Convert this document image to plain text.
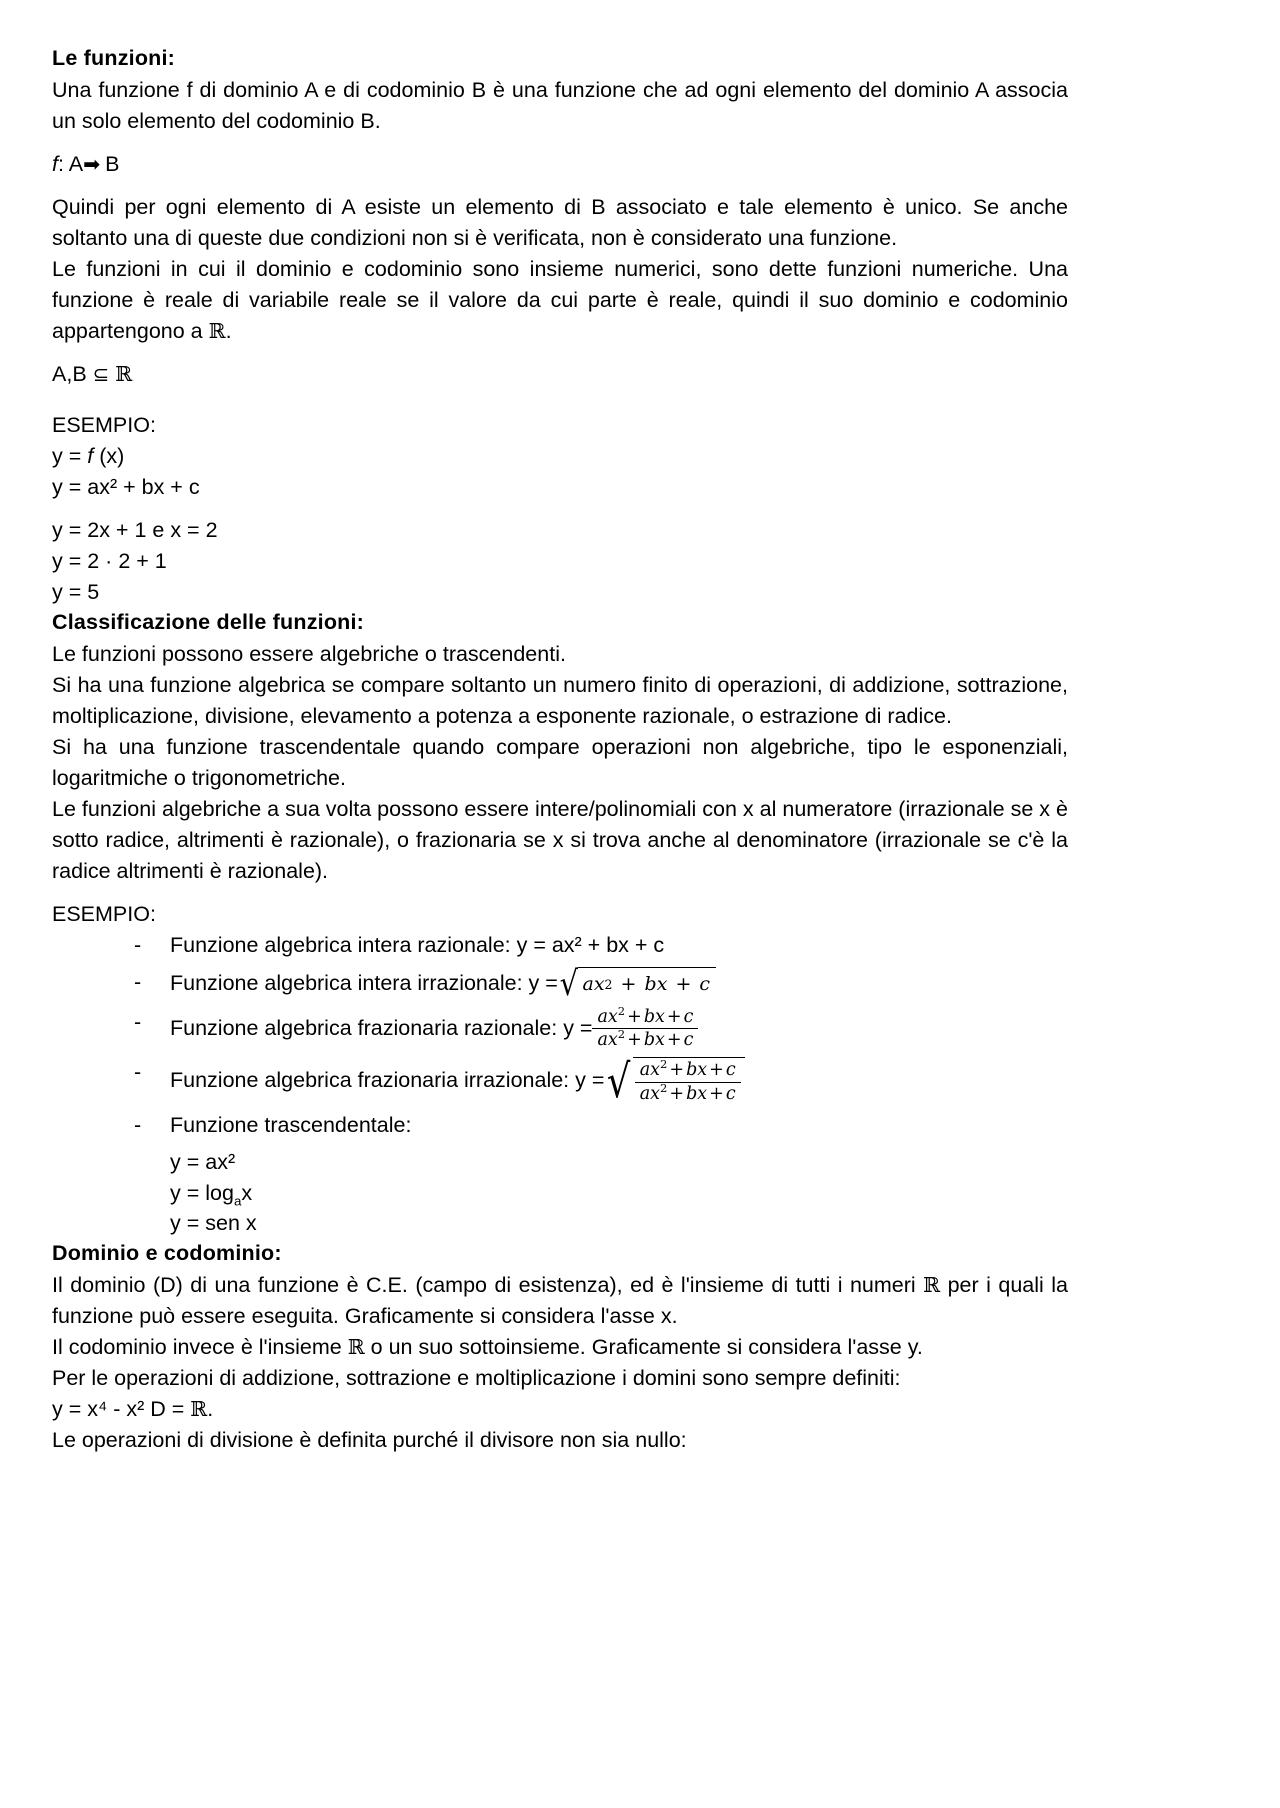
Le funzioni:

Una funzione f di dominio A e di codominio B è una funzione che ad ogni elemento del dominio A associa un solo elemento del codominio B.

f: A➡ B

Quindi per ogni elemento di A esiste un elemento di B associato e tale elemento è unico. Se anche soltanto una di queste due condizioni non si è verificata, non è considerato una funzione.

Le funzioni in cui il dominio e codominio sono insieme numerici, sono dette funzioni numeriche. Una funzione è reale di variabile reale se il valore da cui parte è reale, quindi il suo dominio e codominio appartengono a ℝ.

A,B ⊆ ℝ

ESEMPIO:

y = f (x)

y = ax² + bx + c

y = 2x + 1 e x = 2

y = 2 · 2 + 1

y = 5

Classificazione delle funzioni:

Le funzioni possono essere algebriche o trascendenti.

Si ha una funzione algebrica se compare soltanto un numero finito di operazioni, di addizione, sottrazione, moltiplicazione, divisione, elevamento a potenza a esponente razionale, o estrazione di radice.

Si ha una funzione trascendentale quando compare operazioni non algebriche, tipo le esponenziali, logaritmiche o trigonometriche.

Le funzioni algebriche a sua volta possono essere intere/polinomiali con x al numeratore (irrazionale se x è sotto radice, altrimenti è razionale), o frazionaria se x si trova anche al denominatore (irrazionale se c'è la radice altrimenti è razionale).

ESEMPIO:

- Funzione algebrica intera razionale: y = ax² + bx + c
- Funzione algebrica intera irrazionale: y = √ a x 2 + b x + c
- Funzione algebrica frazionaria razionale: $y = \frac{ax^2 + bx + c}{ax^2 + bx + c}$
- Funzione algebrica frazionaria irrazionale: y = √ $\frac{ax^2 + bx + c}{ax^2 + bx + c}$
- Funzione trascendentale:
y = ax²
$y = \log_ax$
y = sen x
Dominio e codominio:

Il dominio (D) di una funzione è C.E. (campo di esistenza), ed è l'insieme di tutti i numeri ℝ per i quali la funzione può essere eseguita. Graficamente si considera l'asse x.

Il codominio invece è l'insieme ℝ o un suo sottoinsieme. Graficamente si considera l'asse y.

Per le operazioni di addizione, sottrazione e moltiplicazione i domini sono sempre definiti:

y = x⁴ - x² D = ℝ.

Le operazioni di divisione è definita purché il divisore non sia nullo:
